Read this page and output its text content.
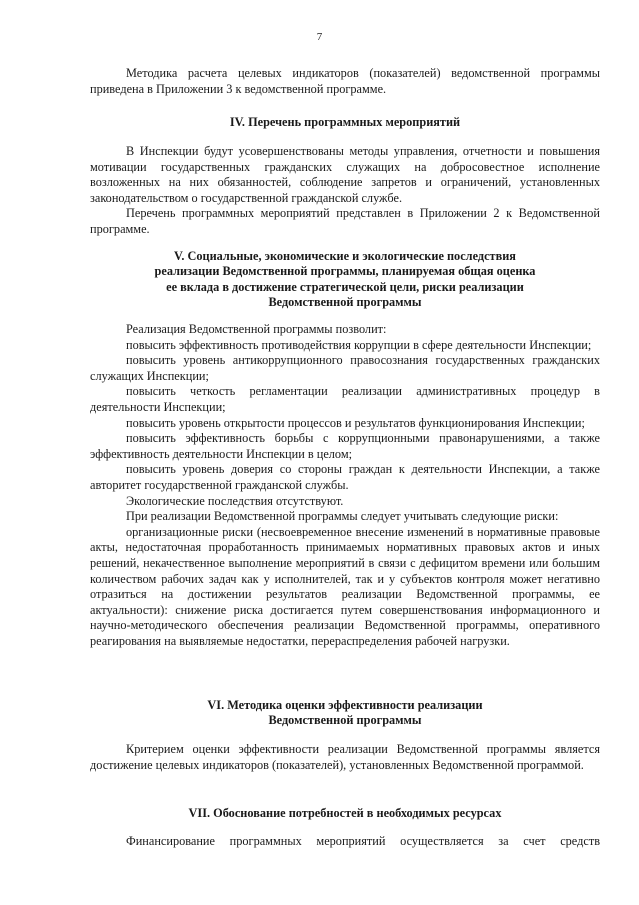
7

Методика расчета целевых индикаторов (показателей) ведомственной программы приведена в Приложении 3 к ведомственной программе.

IV. Перечень программных мероприятий

В Инспекции будут усовершенствованы методы управления, отчетности и повышения мотивации государственных гражданских служащих на добросовестное исполнение возложенных на них обязанностей, соблюдение запретов и ограничений, установленных законодательством о государственной гражданской службе.

Перечень программных мероприятий представлен в Приложении 2 к Ведомственной программе.

V. Социальные, экономические и экологические последствия

реализации Ведомственной программы, планируемая общая оценка

ее вклада в достижение стратегической цели, риски реализации

Ведомственной программы

Реализация Ведомственной программы позволит:

повысить эффективность противодействия коррупции в сфере деятельности Инспекции;

повысить уровень антикоррупционного правосознания государственных гражданских служащих Инспекции;

повысить четкость регламентации реализации административных процедур в деятельности Инспекции;

повысить уровень открытости процессов и результатов функционирования Инспекции;

повысить эффективность борьбы с коррупционными правонарушениями, а также эффективность деятельности Инспекции в целом;

повысить уровень доверия со стороны граждан к деятельности Инспекции, а также авторитет государственной гражданской службы.

Экологические последствия отсутствуют.

При реализации Ведомственной программы следует учитывать следующие риски:

организационные риски (несвоевременное внесение изменений в нормативные правовые акты, недостаточная проработанность принимаемых нормативных правовых актов и иных решений, некачественное выполнение мероприятий в связи с дефицитом времени или большим количеством рабочих задач как у исполнителей, так и у субъектов контроля может негативно отразиться на достижении результатов реализации Ведомственной программы, ее актуальности): снижение риска достигается путем совершенствования информационного и научно-методического обеспечения реализации Ведомственной программы, оперативного реагирования на выявляемые недостатки, перераспределения рабочей нагрузки.

VI. Методика оценки эффективности реализации

Ведомственной программы

Критерием оценки эффективности реализации Ведомственной программы является достижение целевых индикаторов (показателей), установленных Ведомственной программой.

VII. Обоснование потребностей в необходимых ресурсах

Финансирование программных мероприятий осуществляется за счет средств
